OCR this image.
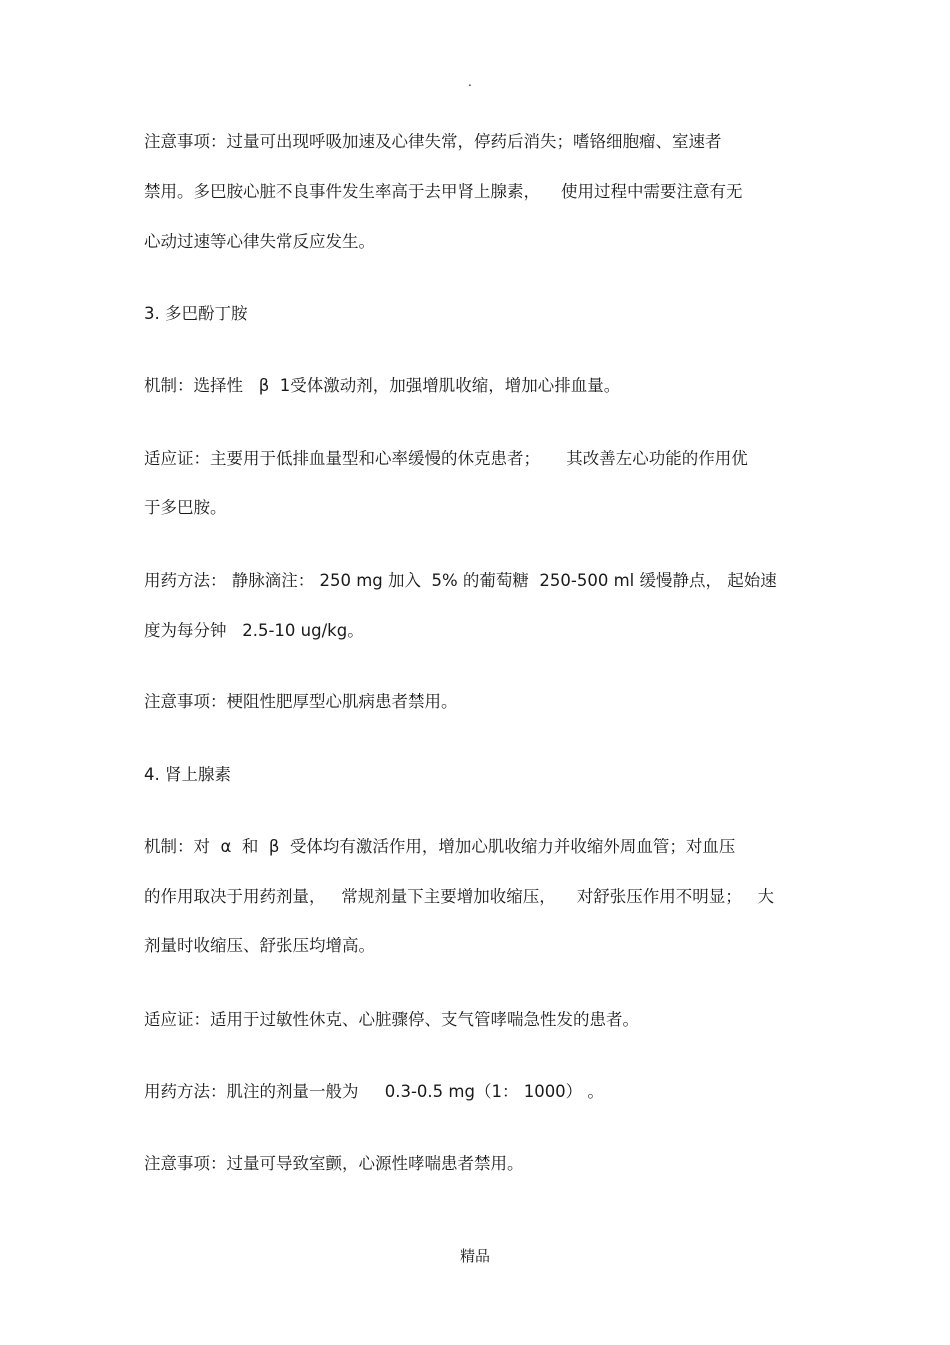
.
注意事项：过量可出现呼吸加速及心律失常，停药后消失；嗜铬细胞瘤、室速者
禁用。多巴胺心脏不良事件发生率高于去甲肾上腺素，    使用过程中需要注意有无
心动过速等心律失常反应发生。
3. 多巴酚丁胺
机制：选择性   β  1受体激动剂，加强增肌收缩，增加心排血量。
适应证：主要用于低排血量型和心率缓慢的休克患者；     其改善左心功能的作用优
于多巴胺。
用药方法： 静脉滴注： 250 mg 加入  5% 的葡萄糖  250-500 ml 缓慢静点， 起始速
度为每分钟   2.5-10 ug/kg。
注意事项：梗阻性肥厚型心肌病患者禁用。
4. 肾上腺素
机制：对  α  和  β  受体均有激活作用，增加心肌收缩力并收缩外周血管；对血压
的作用取决于用药剂量，   常规剂量下主要增加收缩压，    对舒张压作用不明显；   大
剂量时收缩压、舒张压均增高。
适应证：适用于过敏性休克、心脏骤停、支气管哮喘急性发的患者。
用药方法：肌注的剂量一般为     0.3-0.5 mg（1： 1000） 。
注意事项：过量可导致室颤，心源性哮喘患者禁用。
精品
